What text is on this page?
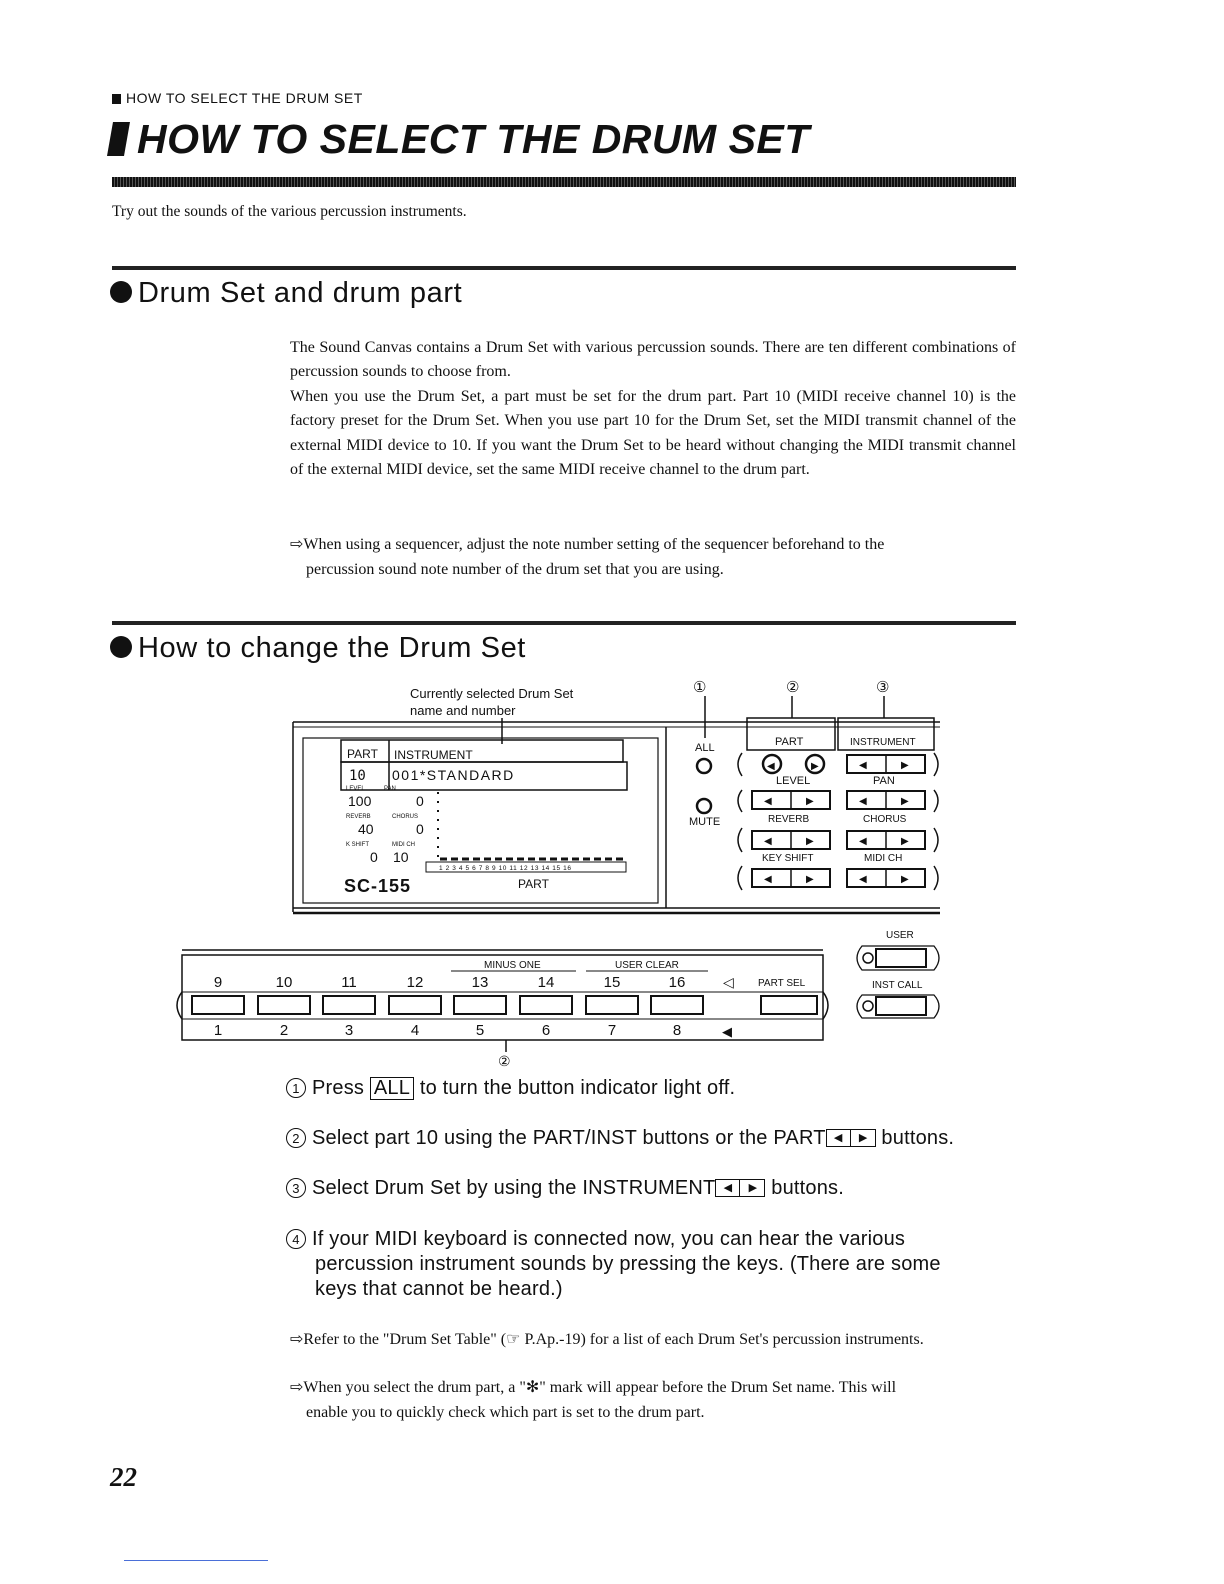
HOW TO SELECT THE DRUM SET
HOW TO SELECT THE DRUM SET
Try out the sounds of the various percussion instruments.
Drum Set and drum part

The Sound Canvas contains a Drum Set with various percussion sounds. There are ten different combinations of percussion sounds to choose from.

When you use the Drum Set, a part must be set for the drum part. Part 10 (MIDI receive channel 10) is the factory preset for the Drum Set. When you use part 10 for the Drum Set, set the MIDI transmit channel of the external MIDI device to 10. If you want the Drum Set to be heard without changing the MIDI transmit channel of the external MIDI device, set the same MIDI receive channel to the drum part.

⇨When using a sequencer, adjust the note number setting of the sequencer beforehand to the
percussion sound note number of the drum set that you are using.
How to change the Drum Set
Currently selected Drum Set
name and number
①	②	③
PART INSTRUMENT
10 001*STANDARD
LEVEL	PAN
100	0
REVERB	CHORUS
40	0
K SHIFT	MIDI CH
0 10
1 2 3 4 5 6 7 8 9 10 11 12 13 14 15 16
SC-155	PART
ALL
MUTE
PART	INSTRUMENT
◀	▶	◀	▶
LEVEL	PAN
◀	▶	◀	▶
REVERB	CHORUS
◀	▶	◀	▶
KEY SHIFT	MIDI CH
◀	▶	◀	▶
USER
INST CALL
MINUS ONE	USER CLEAR
9	10	11	12	13	14	15	16
1	2	3	4	5	6	7	8
◁ PART SEL
◀
②
1 Press ALL to turn the button indicator light off.
2 Select part 10 using the PART/INST buttons or the PART ◀	▶ buttons.
3 Select Drum Set by using the INSTRUMENT ◀	▶ buttons.
4 If your MIDI keyboard is connected now, you can hear the various
percussion instrument sounds by pressing the keys. (There are some
keys that cannot be heard.)
⇨Refer to the "Drum Set Table" (☞ P.Ap.-19) for a list of each Drum Set's percussion instruments.
⇨When you select the drum part, a "✻" mark will appear before the Drum Set name. This will
enable you to quickly check which part is set to the drum part.
22
